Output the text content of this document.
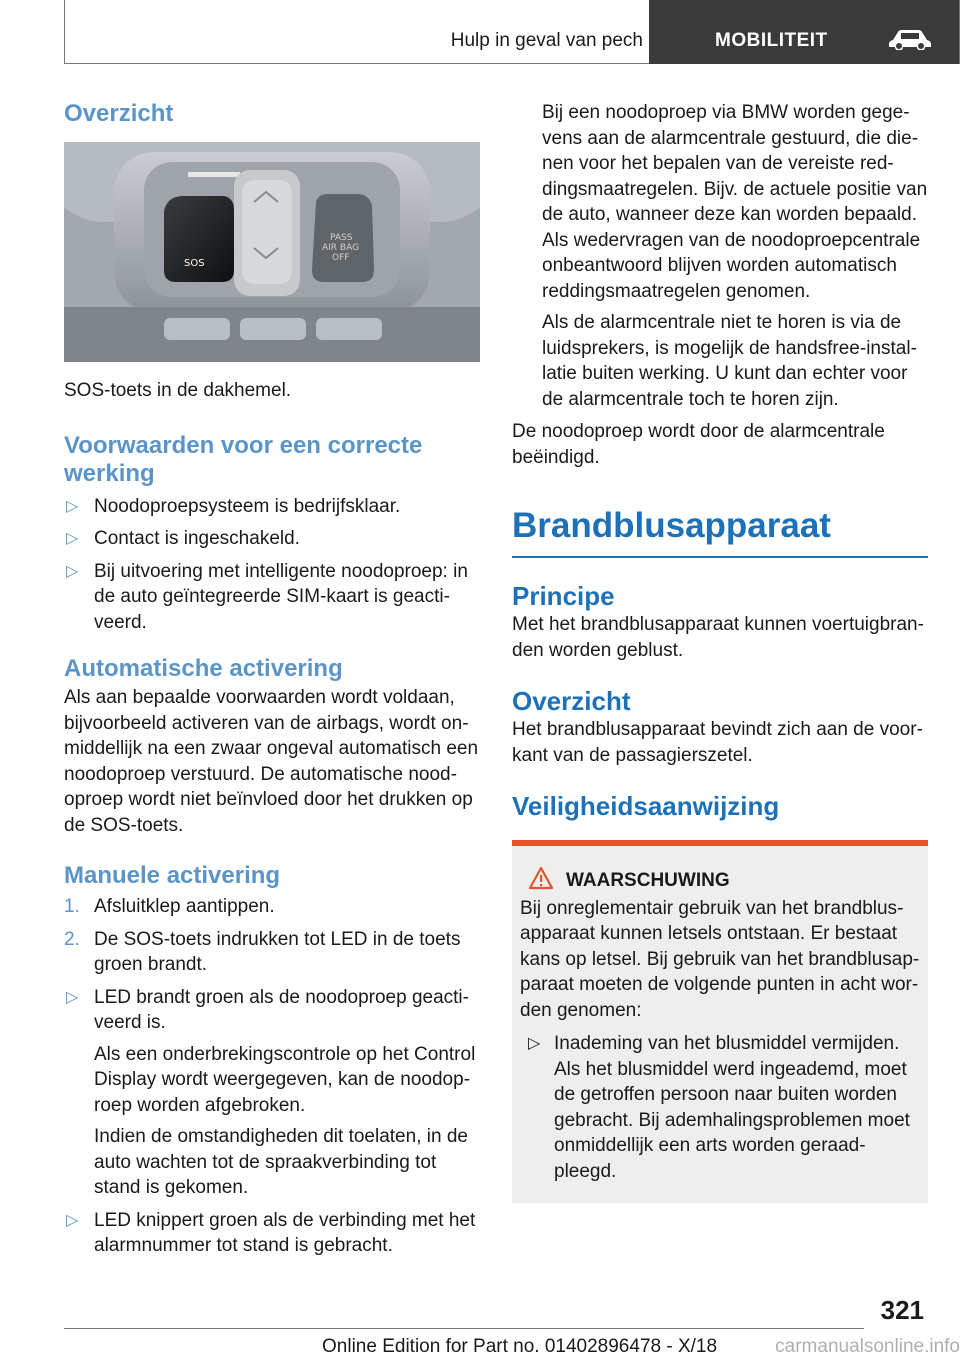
Hulp in geval van pech	MOBILITEIT
Overzicht
SOS
PASS
AIR BAG
OFF

SOS-toets in de dakhemel.

Voorwaarden voor een correcte werking
▷ Noodoproepsysteem is bedrijfsklaar.
▷ Contact is ingeschakeld.
▷ Bij uitvoering met intelligente noodoproep: in de auto geïntegreerde SIM-kaart is geactiveerd.
Automatische activering

Als aan bepaalde voorwaarden wordt voldaan, bijvoorbeeld activeren van de airbags, wordt onmiddellijk na een zwaar ongeval automatisch een noodoproep verstuurd. De automatische noodoproep wordt niet beïnvloed door het drukken op de SOS-toets.

Manuele activering
1. Afsluitklep aantippen.
2. De SOS-toets indrukken tot LED in de toets groen brandt.
▷ LED brandt groen als de noodoproep geactiveerd is.

Als een onderbrekingscontrole op het Control Display wordt weergegeven, kan de noodoproep worden afgebroken.

Indien de omstandigheden dit toelaten, in de auto wachten tot de spraakverbinding tot stand is gekomen.

▷ LED knippert groen als de verbinding met het alarmnummer tot stand is gebracht.

Bij een noodoproep via BMW worden gegevens aan de alarmcentrale gestuurd, die dienen voor het bepalen van de vereiste reddingsmaatregelen. Bijv. de actuele positie van de auto, wanneer deze kan worden bepaald. Als wedervragen van de noodoproepcentrale onbeantwoord blijven worden automatisch reddingsmaatregelen genomen.

Als de alarmcentrale niet te horen is via de luidsprekers, is mogelijk de handsfree-installatie buiten werking. U kunt dan echter voor de alarmcentrale toch te horen zijn.

De noodoproep wordt door de alarmcentrale beëindigd.

Brandblusapparaat
Principe

Met het brandblusapparaat kunnen voertuigbranden worden geblust.

Overzicht

Het brandblusapparaat bevindt zich aan de voorkant van de passagierszetel.

Veiligheidsaanwijzing
WAARSCHUWING

Bij onreglementair gebruik van het brandblusapparaat kunnen letsels ontstaan. Er bestaat kans op letsel. Bij gebruik van het brandblusapparaat moeten de volgende punten in acht worden genomen:

▷ Inademing van het blusmiddel vermijden. Als het blusmiddel werd ingeademd, moet de getroffen persoon naar buiten worden gebracht. Bij ademhalingsproblemen moet onmiddellijk een arts worden geraadpleegd.
321
Online Edition for Part no. 01402896478 - X/18	carmanualsonline.info
